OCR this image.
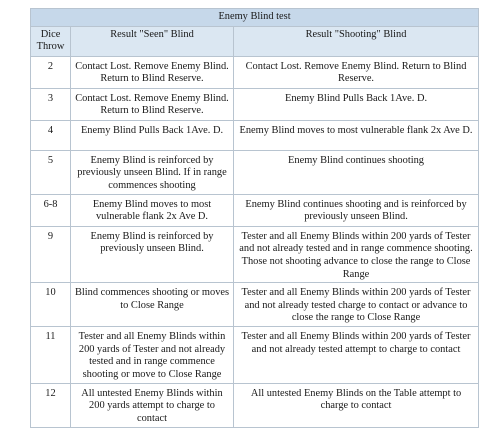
Enemy Blind test		
Dice Throw	Result "Seen" Blind	Result "Shooting" Blind
2	Contact Lost. Remove Enemy Blind. Return to Blind Reserve.	Contact Lost. Remove Enemy Blind. Return to Blind Reserve.
3	Contact Lost. Remove Enemy Blind. Return to Blind Reserve.	Enemy Blind Pulls Back 1Ave. D.
4	Enemy Blind Pulls Back 1Ave. D.	Enemy Blind moves to most vulnerable flank 2x Ave D.
5	Enemy Blind is reinforced by previously unseen Blind. If in range commences shooting	Enemy Blind continues shooting
6-8	Enemy Blind moves to most vulnerable flank 2x Ave D.	Enemy Blind continues shooting and is reinforced by previously unseen Blind.
9	Enemy Blind is reinforced by previously unseen Blind.	Tester and all Enemy Blinds within 200 yards of Tester and not already tested and in range commence shooting. Those not shooting advance to close the range to Close Range
10	Blind commences shooting or moves to Close Range	Tester and all Enemy Blinds within 200 yards of Tester and not already tested charge to contact or advance to close the range to Close Range
11	Tester and all Enemy Blinds within 200 yards of Tester and not already tested and in range commence shooting or move to Close Range	Tester and all Enemy Blinds within 200 yards of Tester and not already tested attempt to charge to contact
12	All untested Enemy Blinds within 200 yards attempt to charge to contact	All untested Enemy Blinds on the Table attempt to charge to contact
